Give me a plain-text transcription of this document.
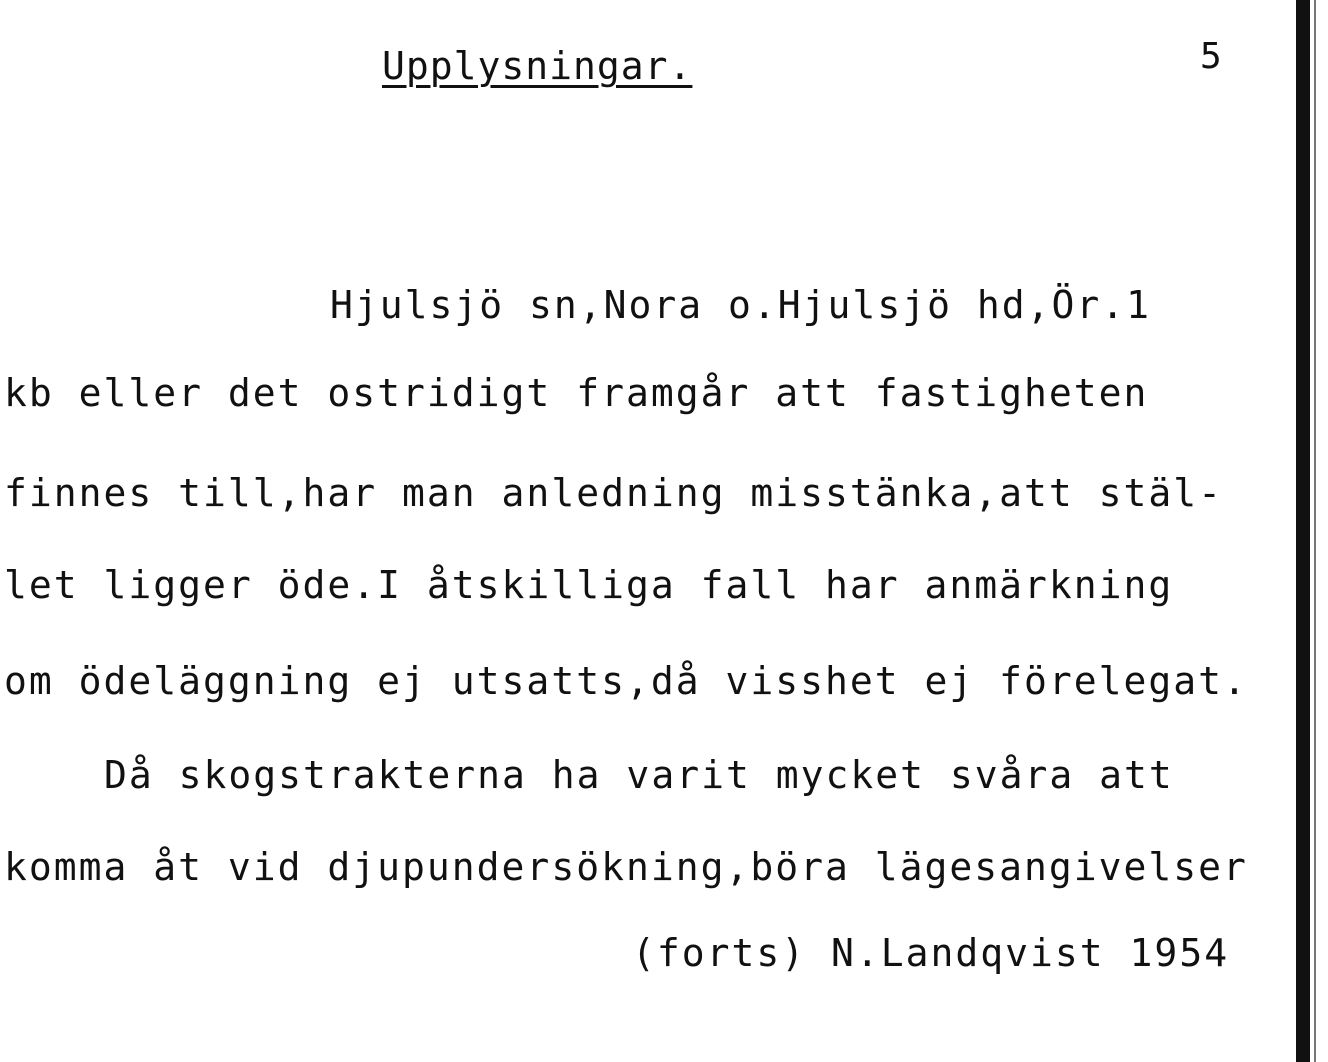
Upplysningar.	5
Hjulsjö sn,Nora o.Hjulsjö hd,Ör.1
kb eller det ostridigt framgår att fastigheten
finnes till,har man anledning misstänka,att stäl-
let ligger öde.I åtskilliga fall har anmärkning
om ödeläggning ej utsatts,då visshet ej förelegat.
Då skogstrakterna ha varit mycket svåra att
komma åt vid djupundersökning,böra lägesangivelser
(forts) N.Landqvist 1954
